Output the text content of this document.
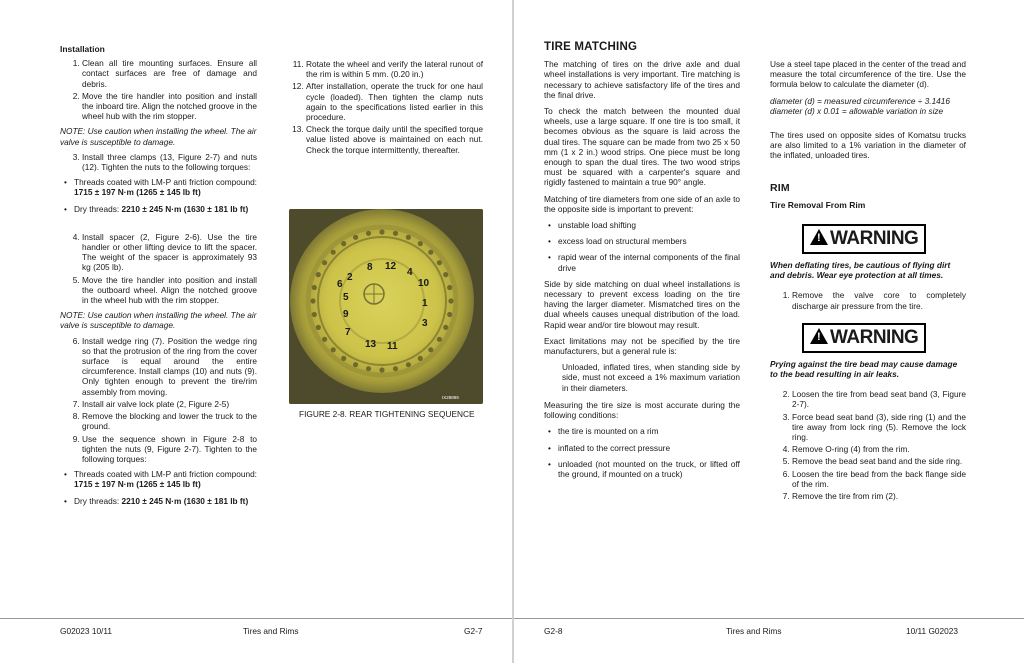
Installation
1. Clean all tire mounting surfaces. Ensure all contact surfaces are free of damage and debris.
2. Move the tire handler into position and install the inboard tire. Align the notched groove in the wheel hub with the rim stopper.
NOTE: Use caution when installing the wheel. The air valve is susceptible to damage.
3. Install three clamps (13, Figure 2-7) and nuts (12). Tighten the nuts to the following torques:
• Threads coated with LM-P anti friction compound: 1715 ± 197 N·m (1265 ± 145 lb ft)
• Dry threads: 2210 ± 245 N·m (1630 ± 181 lb ft)
4. Install spacer (2, Figure 2-6). Use the tire handler or other lifting device to lift the spacer. The weight of the spacer is approximately 93 kg (205 lb).
5. Move the tire handler into position and install the outboard wheel. Align the notched groove in the wheel hub with the rim stopper.
NOTE: Use caution when installing the wheel. The air valve is susceptible to damage.
6. Install wedge ring (7). Position the wedge ring so that the protrusion of the ring from the cover surface is equal around the entire circumference. Install clamps (10) and nuts (9). Only tighten enough to prevent the tire/rim assembly from moving.
7. Install air valve lock plate (2, Figure 2-5)
8. Remove the blocking and lower the truck to the ground.
9. Use the sequence shown in Figure 2-8 to tighten the nuts (9, Figure 2-7). Tighten to the following torques:
• Threads coated with LM-P anti friction compound: 1715 ± 197 N·m (1265 ± 145 lb ft)
• Dry threads: 2210 ± 245 N·m (1630 ± 181 lb ft)
11. Rotate the wheel and verify the lateral runout of the rim is within 5 mm. (0.20 in.)
12. After installation, operate the truck for one haul cycle (loaded). Then tighten the clamp nuts again to the specifications listed earlier in this procedure.
13. Check the torque daily until the specified torque value listed above is maintained on each nut. Check the torque intermittently, thereafter.
8 12
4
2
6	10
1
3
7
11
13
9
5
IX28899
FIGURE 2-8. REAR TIGHTENING SEQUENCE
G02023 10/11	Tires and Rims	G2-7
TIRE MATCHING
The matching of tires on the drive axle and dual wheel installations is very important. Tire matching is necessary to achieve satisfactory life of the tires and the final drive.
To check the match between the mounted dual wheels, use a large square. If one tire is too small, it becomes obvious as the square is laid across the dual tires. The square can be made from two 25 x 50 mm (1 x 2 in.) wood strips. One piece must be long enough to span the dual tires. The two wood strips must be squared with a carpenter's square and rigidly fastened to maintain a true 90° angle.
Matching of tire diameters from one side of an axle to the opposite side is important to prevent:
• unstable load shifting
• excess load on structural members
• rapid wear of the internal components of the final drive
Side by side matching on dual wheel installations is necessary to prevent excess loading on the tire having the larger diameter. Mismatched tires on the dual wheels causes unequal distribution of the load. Rapid wear and/or tire blowout may result.
Exact limitations may not be specified by the tire manufacturers, but a general rule is:
Unloaded, inflated tires, when standing side by side, must not exceed a 1% maximum variation in their diameters.
Measuring the tire size is most accurate during the following conditions:
• the tire is mounted on a rim
• inflated to the correct pressure
• unloaded (not mounted on the truck, or lifted off the ground, if mounted on a truck)
Use a steel tape placed in the center of the tread and measure the total circumference of the tire. Use the formula below to calculate the diameter (d).
diameter (d) = measured circumference ÷ 3.1416
diameter (d) x 0.01 = allowable variation in size
The tires used on opposite sides of Komatsu trucks are also limited to a 1% variation in the diameter of the inflated, unloaded tires.
RIM
Tire Removal From Rim
! WARNING
When deflating tires, be cautious of flying dirt and debris. Wear eye protection at all times.
1. Remove the valve core to completely discharge air pressure from the tire.
! WARNING
Prying against the tire bead may cause damage to the bead resulting in air leaks.
2. Loosen the tire from bead seat band (3, Figure 2-7).
3. Force bead seat band (3), side ring (1) and the tire away from lock ring (5). Remove the lock ring.
4. Remove O-ring (4) from the rim.
5. Remove the bead seat band and the side ring.
6. Loosen the tire bead from the back flange side of the rim.
7. Remove the tire from rim (2).
G2-8	Tires and Rims	10/11 G02023
